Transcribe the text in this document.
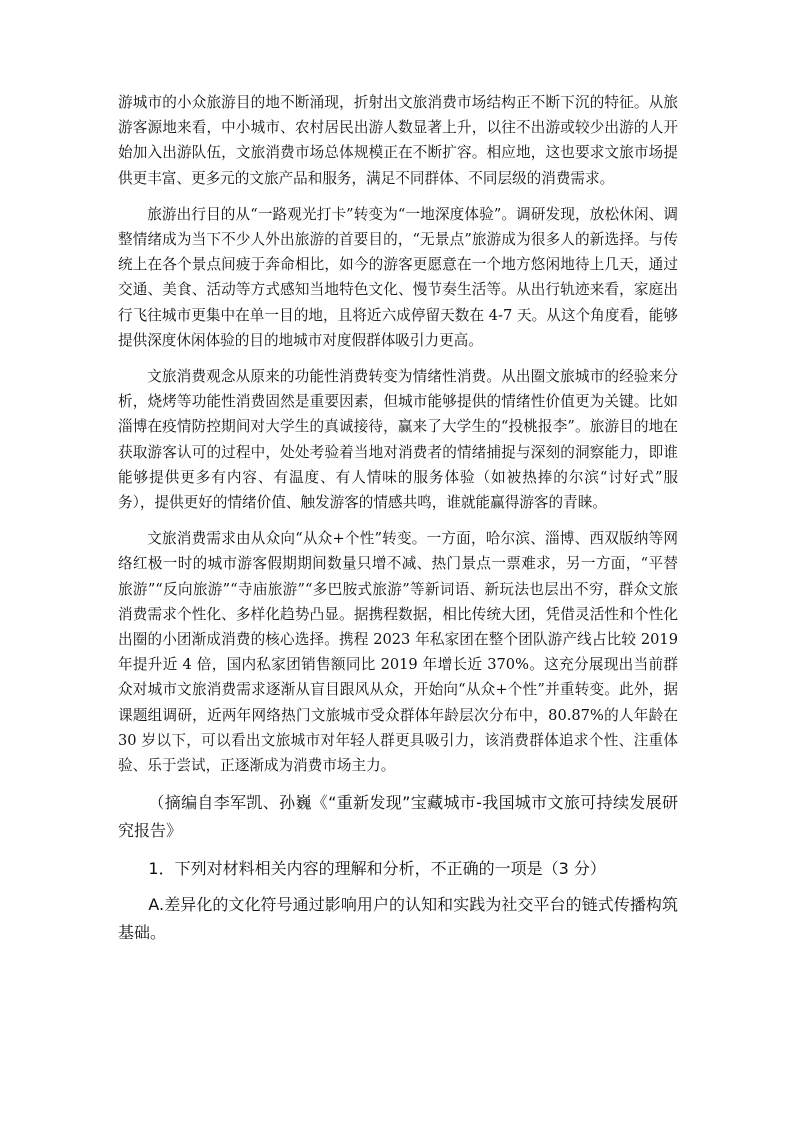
游城市的小众旅游目的地不断涌现，折射出文旅消费市场结构正不断下沉的特征。从旅游客源地来看，中小城市、农村居民出游人数显著上升，以往不出游或较少出游的人开始加入出游队伍，文旅消费市场总体规模正在不断扩容。相应地，这也要求文旅市场提供更丰富、更多元的文旅产品和服务，满足不同群体、不同层级的消费需求。

旅游出行目的从“一路观光打卡”转变为“一地深度体验”。调研发现，放松休闲、调整情绪成为当下不少人外出旅游的首要目的，“无景点”旅游成为很多人的新选择。与传统上在各个景点间疲于奔命相比，如今的游客更愿意在一个地方悠闲地待上几天，通过交通、美食、活动等方式感知当地特色文化、慢节奏生活等。从出行轨迹来看，家庭出行飞往城市更集中在单一目的地，且将近六成停留天数在 4-7 天。从这个角度看，能够提供深度休闲体验的目的地城市对度假群体吸引力更高。

文旅消费观念从原来的功能性消费转变为情绪性消费。从出圈文旅城市的经验来分析，烧烤等功能性消费固然是重要因素，但城市能够提供的情绪性价值更为关键。比如淄博在疫情防控期间对大学生的真诚接待，赢来了大学生的“投桃报李”。旅游目的地在获取游客认可的过程中，处处考验着当地对消费者的情绪捕捉与深刻的洞察能力，即谁能够提供更多有内容、有温度、有人情味的服务体验（如被热捧的尔滨“讨好式”服务），提供更好的情绪价值、触发游客的情感共鸣，谁就能赢得游客的青睐。

文旅消费需求由从众向“从众+个性”转变。一方面，哈尔滨、淄博、西双版纳等网络红极一时的城市游客假期期间数量只增不减、热门景点一票难求，另一方面，“平替旅游”“反向旅游”“寺庙旅游”“多巴胺式旅游”等新词语、新玩法也层出不穷，群众文旅消费需求个性化、多样化趋势凸显。据携程数据，相比传统大团，凭借灵活性和个性化出圈的小团渐成消费的核心选择。携程 2023 年私家团在整个团队游产线占比较 2019 年提升近 4 倍，国内私家团销售额同比 2019 年增长近 370%。这充分展现出当前群众对城市文旅消费需求逐渐从盲目跟风从众，开始向“从众+个性”并重转变。此外，据课题组调研，近两年网络热门文旅城市受众群体年龄层次分布中，80.87%的人年龄在 30 岁以下，可以看出文旅城市对年轻人群更具吸引力，该消费群体追求个性、注重体验、乐于尝试，正逐渐成为消费市场主力。

（摘编自李军凯、孙巍《“重新发现”宝藏城市-我国城市文旅可持续发展研究报告》

1．下列对材料相关内容的理解和分析，不正确的一项是（3 分）

A.差异化的文化符号通过影响用户的认知和实践为社交平台的链式传播构筑基础。
